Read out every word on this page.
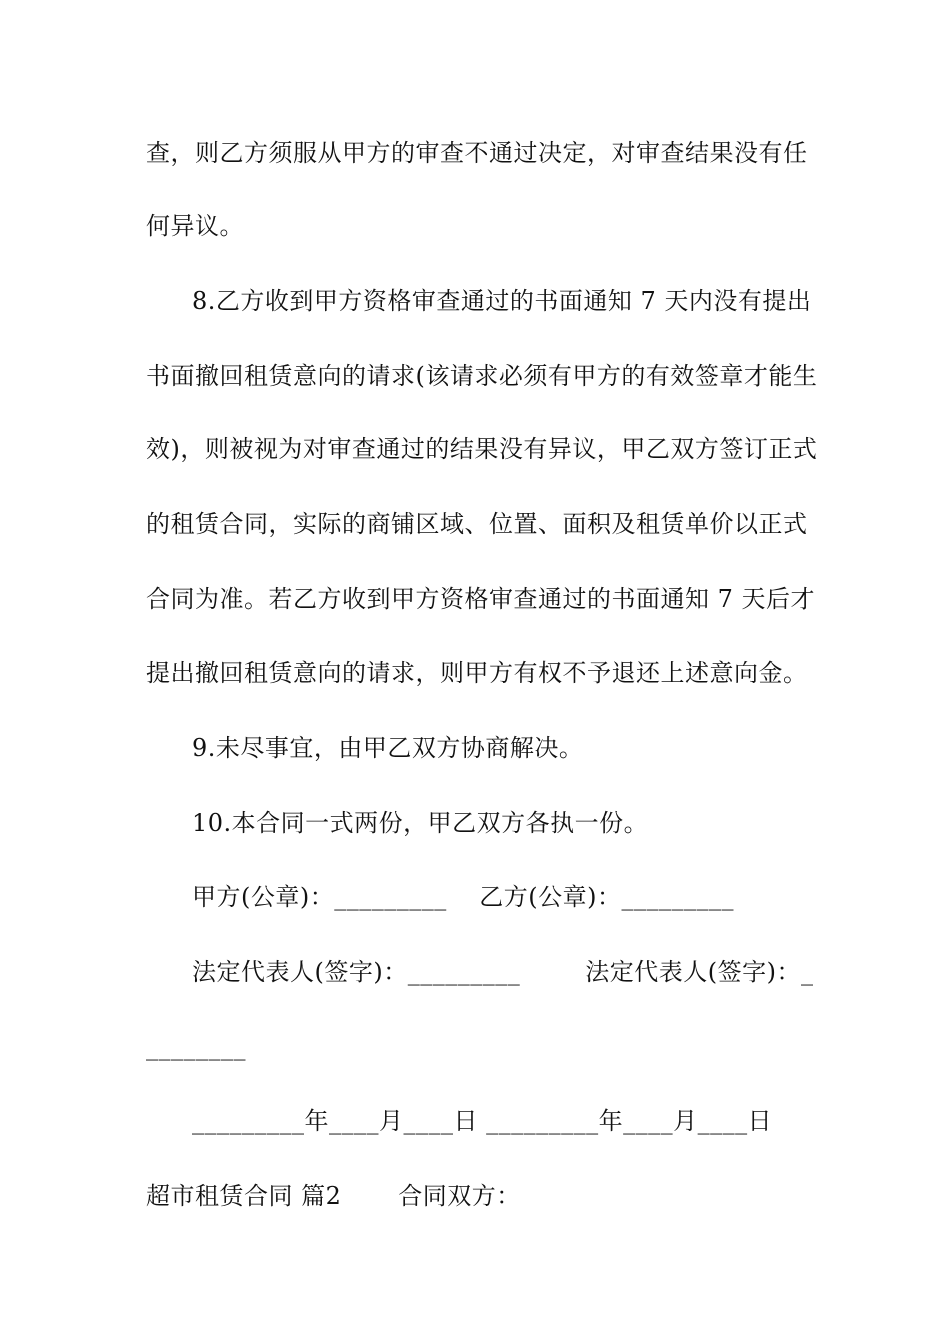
查，则乙方须服从甲方的审查不通过决定，对审查结果没有任
何异议。
8.乙方收到甲方资格审查通过的书面通知 7 天内没有提出
书面撤回租赁意向的请求(该请求必须有甲方的有效签章才能生
效)，则被视为对审查通过的结果没有异议，甲乙双方签订正式
的租赁合同，实际的商铺区域、位置、面积及租赁单价以正式
合同为准。若乙方收到甲方资格审查通过的书面通知 7 天后才
提出撤回租赁意向的请求，则甲方有权不予退还上述意向金。
9.未尽事宜，由甲乙双方协商解决。
10.本合同一式两份，甲乙双方各执一份。
甲方(公章)：_________    乙方(公章)：_________
法定代表人(签字)：_________        法定代表人(签字)：_
________
_________年____月____日 _________年____月____日
超市租赁合同 篇2       合同双方：
